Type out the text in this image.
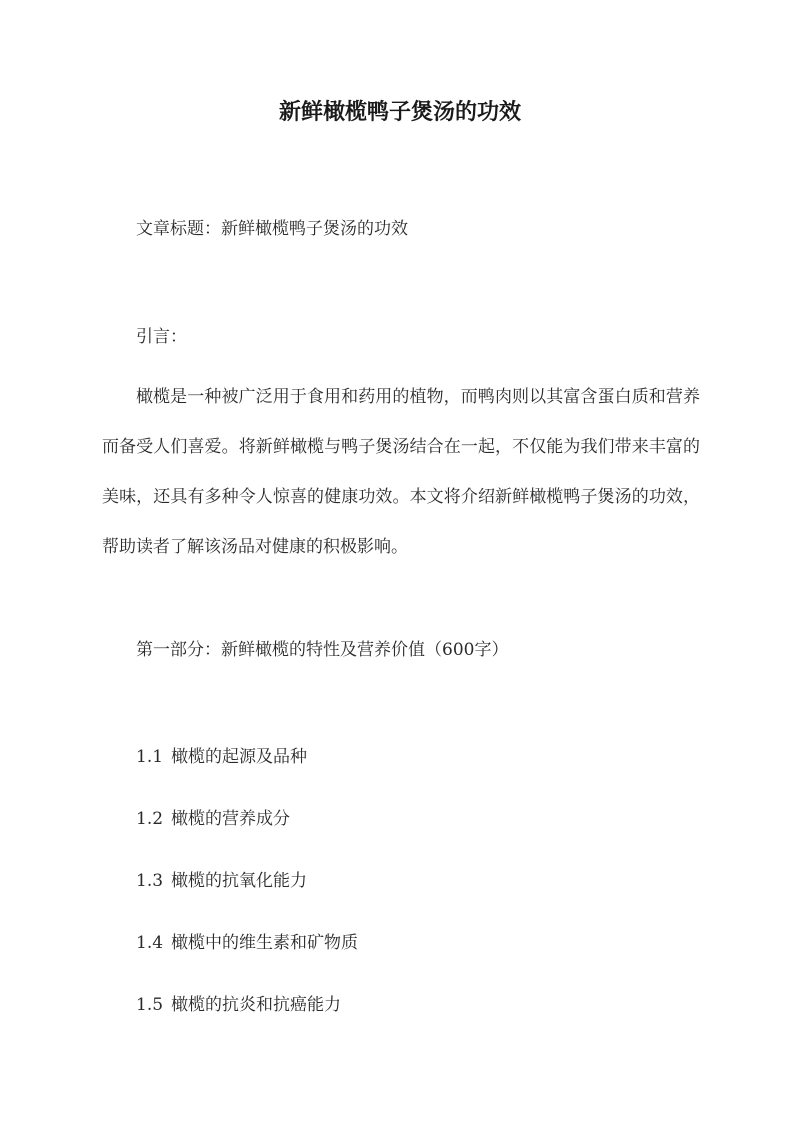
新鲜橄榄鸭子煲汤的功效
文章标题：新鲜橄榄鸭子煲汤的功效
引言：
橄榄是一种被广泛用于食用和药用的植物，而鸭肉则以其富含蛋白质和营养而备受人们喜爱。将新鲜橄榄与鸭子煲汤结合在一起，不仅能为我们带来丰富的美味，还具有多种令人惊喜的健康功效。本文将介绍新鲜橄榄鸭子煲汤的功效，帮助读者了解该汤品对健康的积极影响。
第一部分：新鲜橄榄的特性及营养价值（600字）
1.1 橄榄的起源及品种
1.2 橄榄的营养成分
1.3 橄榄的抗氧化能力
1.4 橄榄中的维生素和矿物质
1.5 橄榄的抗炎和抗癌能力
